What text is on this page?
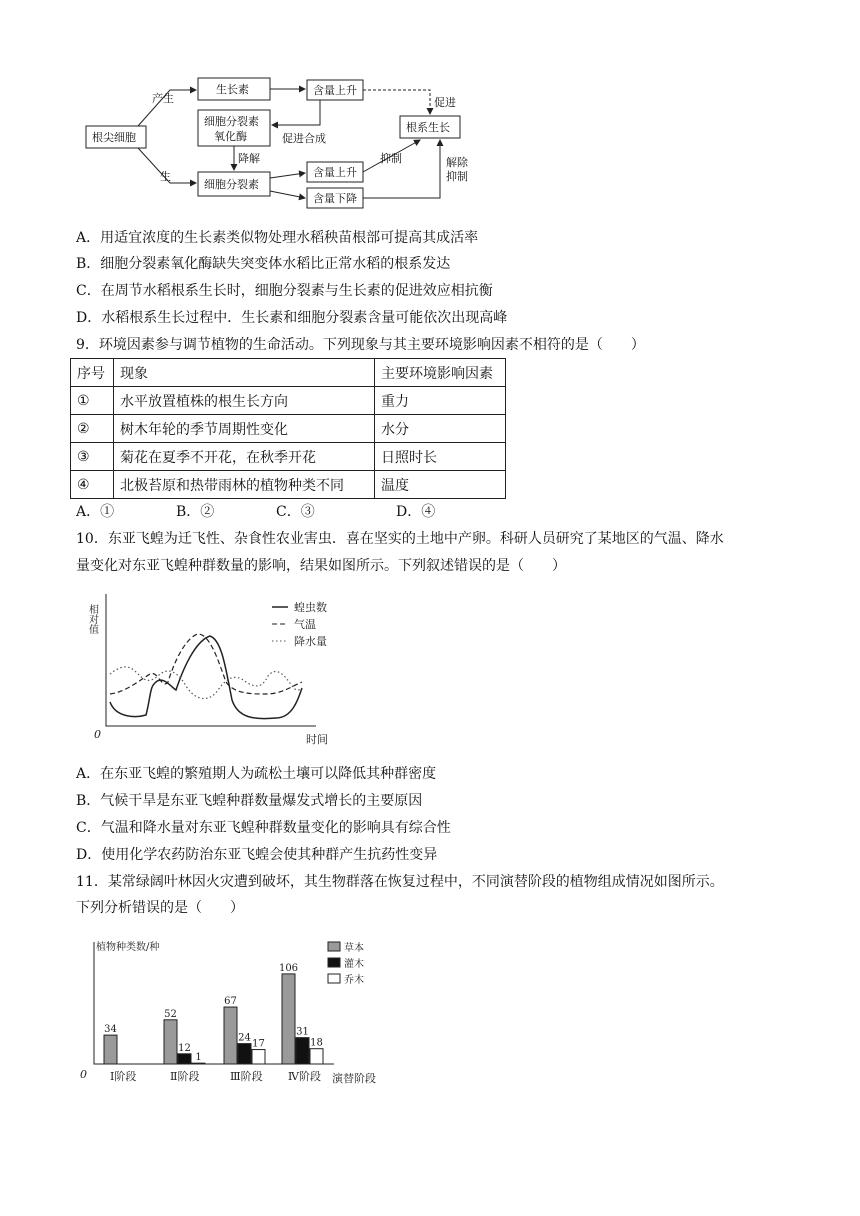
根尖细胞
生长素
细胞分裂素
氧化酶
细胞分裂素
含量上升
含量上升
含量下降
根系生长
产生
生
促进合成
降解
促进
抑制	解除
抑制
A．用适宜浓度的生长素类似物处理水稻秧苗根部可提高其成活率
B．细胞分裂素氧化酶缺失突变体水稻比正常水稻的根系发达
C．在周节水稻根系生长时，细胞分裂素与生长素的促进效应相抗衡
D．水稻根系生长过程中．生长素和细胞分裂素含量可能依次出现高峰
9．环境因素参与调节植物的生命活动。下列现象与其主要环境影响因素不相符的是（　　）
序号	现象	主要环境影响因素
①	水平放置植株的根生长方向	重力
②	树木年轮的季节周期性变化	水分
③	菊花在夏季不开花，在秋季开花	日照时长
④	北极苔原和热带雨林的植物种类不同	温度
A．①	B．②	C．③	D．④
10．东亚飞蝗为迁飞性、杂食性农业害虫．喜在坚实的土地中产卵。科研人员研究了某地区的气温、降水
量变化对东亚飞蝗种群数量的影响，结果如图所示。下列叙述错误的是（　　）
相对值
时间
0
蝗虫数
气温
降水量
A．在东亚飞蝗的繁殖期人为疏松土壤可以降低其种群密度
B．气候干旱是东亚飞蝗种群数量爆发式增长的主要原因
C．气温和降水量对东亚飞蝗种群数量变化的影响具有综合性
D．使用化学农药防治东亚飞蝗会使其种群产生抗药性变异
11．某常绿阔叶林因火灾遭到破坏，其生物群落在恢复过程中，不同演替阶段的植物组成情况如图所示。
下列分析错误的是（　　）
植物种类数/种
演替阶段
0
34
Ⅰ阶段
52
12
1
Ⅱ阶段
67
24
17
Ⅲ阶段
106
31
18
Ⅳ阶段
草本
灌木
乔木
